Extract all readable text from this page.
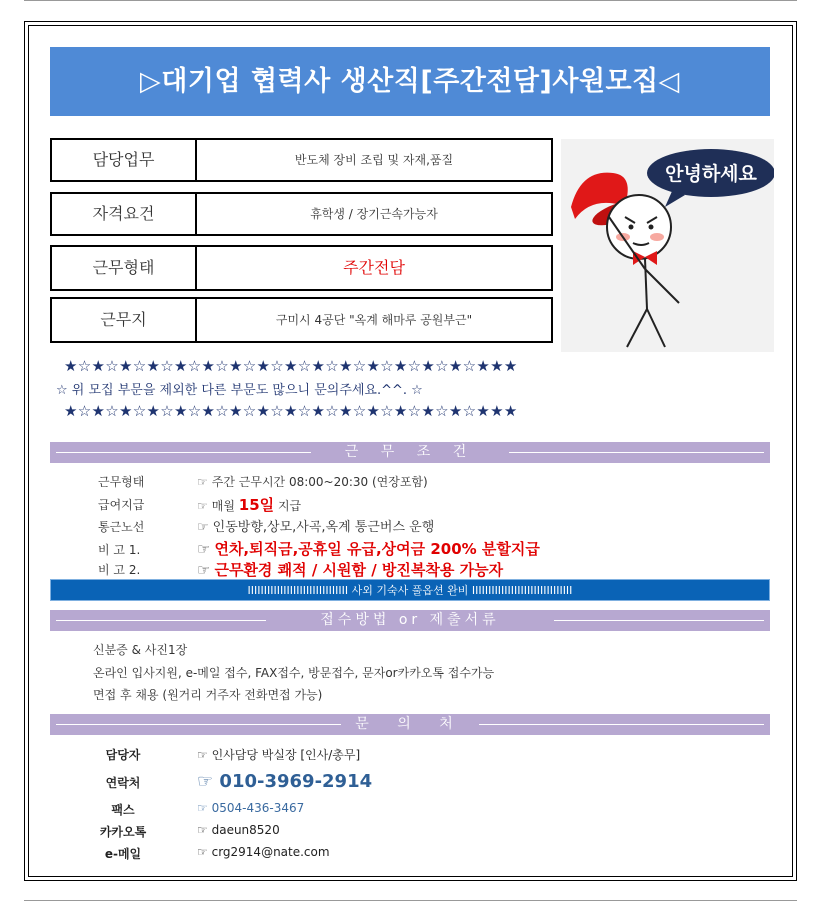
▷대기업 협력사 생산직[주간전담]사원모집◁
담당업무	반도체 장비 조립 및 자재,품질
자격요건	휴학생 / 장기근속가능자
근무형태	주간전담
근무지	구미시 4공단 "옥계 해마루 공원부근"
안녕하세요
★☆★☆★☆★☆★☆★☆★☆★☆★☆★☆★☆★☆★☆★☆★☆★★★
☆ 위 모집 부문을 제외한 다른 부문도 많으니 문의주세요.^^. ☆
★☆★☆★☆★☆★☆★☆★☆★☆★☆★☆★☆★☆★☆★☆★☆★★★
근 무 조 건
근무형태	☞ 주간 근무시간 08:00~20:30 (연장포함)
급여지급	☞ 매월 15일 지급
통근노선	☞ 인동방향,상모,사곡,옥계 통근버스 운행
비 고 1.	☞ 연차,퇴직금,공휴일 유급,상여금 200% 분할지급
비 고 2.	☞ 근무환경 쾌적 / 시원함 / 방진복착용 가능자
IIIIIIIIIIIIIIIIIIIIIIIIIIIIIII 사외 기숙사 풀옵션 완비 IIIIIIIIIIIIIIIIIIIIIIIIIIIIIII
접수방법 or 제출서류
신분증 & 사진1장
온라인 입사지원, e-메일 접수, FAX접수, 방문접수, 문자or카카오톡 접수가능
면접 후 채용 (원거리 거주자 전화면접 가능)
문 의 처
담당자	☞ 인사담당 박실장 [인사/총무]
연락처	☞ 010-3969-2914
팩스	☞ 0504-436-3467
카카오톡	☞ daeun8520
e-메일	☞ crg2914@nate.com
